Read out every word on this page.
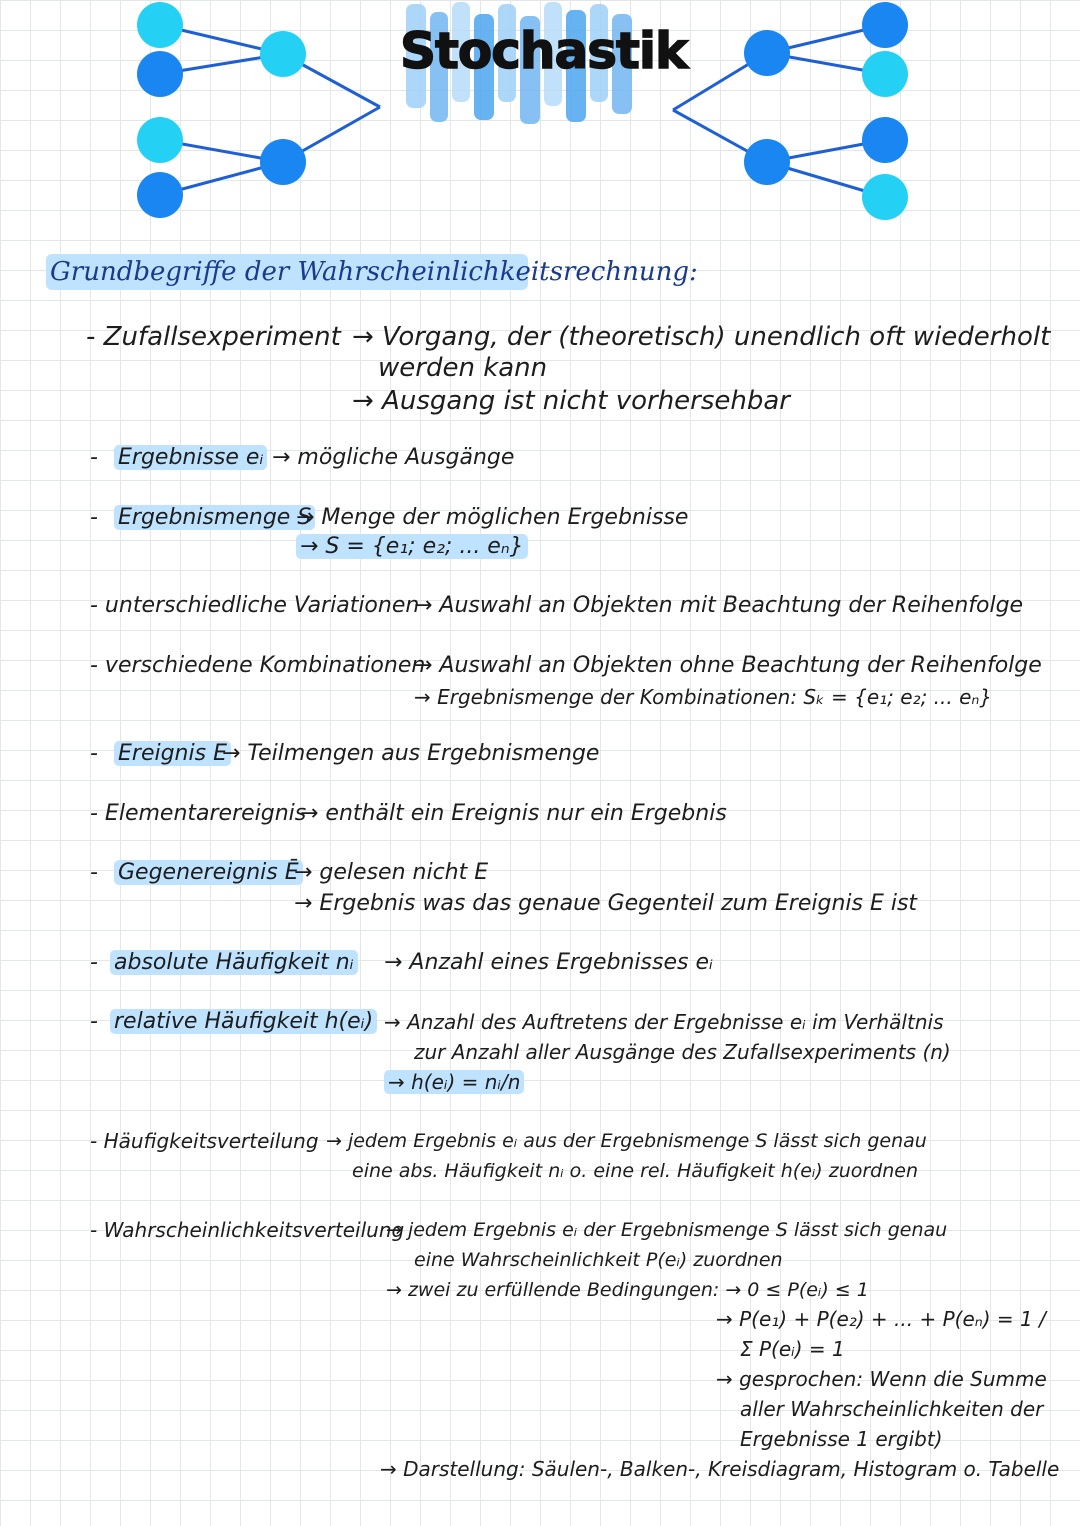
Stochastik
Grundbegriffe der Wahrscheinlichkeitsrechnung:
- Zufallsexperiment → Vorgang, der (theoretisch) unendlich oft wiederholt
werden kann
→ Ausgang ist nicht vorhersehbar
- Ergebnisse eᵢ → mögliche Ausgänge
- Ergebnismenge S
→ Menge der möglichen Ergebnisse
→ S = {e₁; e₂; ... eₙ}
- unterschiedliche Variationen
→ Auswahl an Objekten mit Beachtung der Reihenfolge
- verschiedene Kombinationen
→ Auswahl an Objekten ohne Beachtung der Reihenfolge
→ Ergebnismenge der Kombinationen: Sₖ = {e₁; e₂; ... eₙ}
- Ereignis E
→ Teilmengen aus Ergebnismenge
- Elementarereignis
→ enthält ein Ereignis nur ein Ergebnis
- Gegenereignis Ē
→ gelesen nicht E
→ Ergebnis was das genaue Gegenteil zum Ereignis E ist
- absolute Häufigkeit nᵢ → Anzahl eines Ergebnisses eᵢ
- relative Häufigkeit h(eᵢ) → Anzahl des Auftretens der Ergebnisse eᵢ im Verhältnis
zur Anzahl aller Ausgänge des Zufallsexperiments (n)
→ h(eᵢ) = nᵢ/n
- Häufigkeitsverteilung → jedem Ergebnis eᵢ aus der Ergebnismenge S lässt sich genau
eine abs. Häufigkeit nᵢ o. eine rel. Häufigkeit h(eᵢ) zuordnen
- Wahrscheinlichkeitsverteilung
→ jedem Ergebnis eᵢ der Ergebnismenge S lässt sich genau
eine Wahrscheinlichkeit P(eᵢ) zuordnen
→ zwei zu erfüllende Bedingungen: → 0 ≤ P(eᵢ) ≤ 1
→ P(e₁) + P(e₂) + ... + P(eₙ) = 1 /
Σ P(eᵢ) = 1
→ gesprochen: Wenn die Summe
aller Wahrscheinlichkeiten der
Ergebnisse 1 ergibt)
→ Darstellung: Säulen-, Balken-, Kreisdiagram, Histogram o. Tabelle
